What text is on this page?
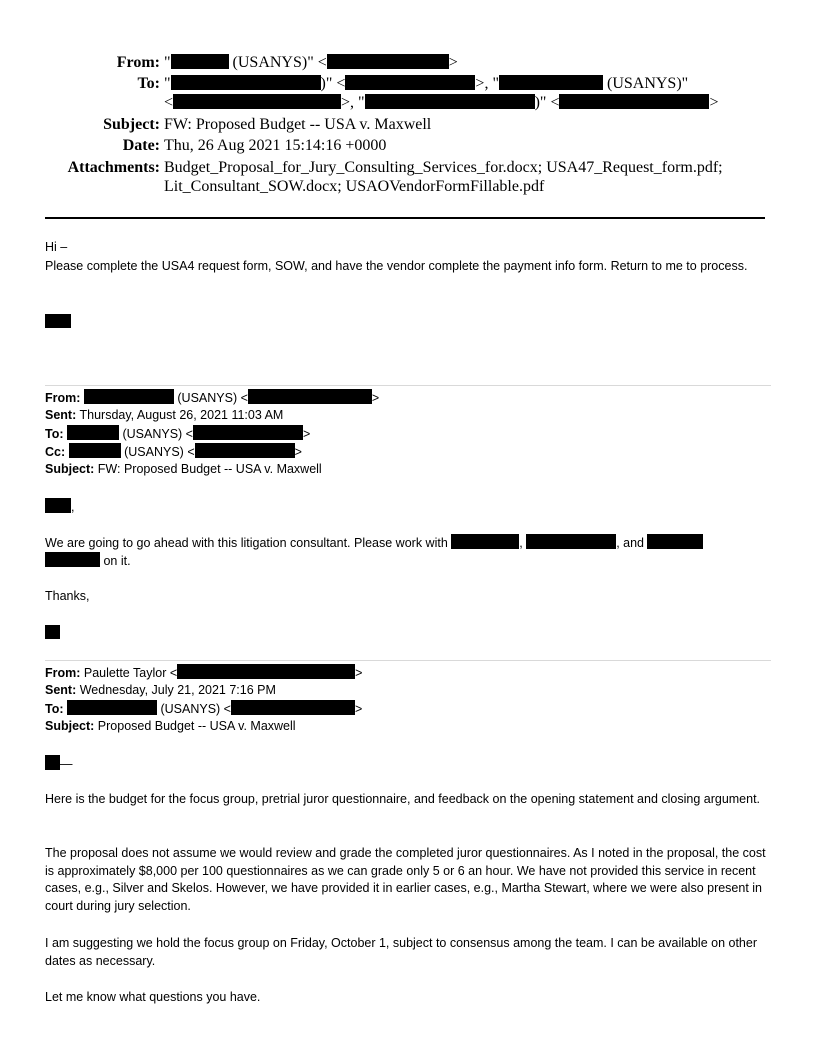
From: "	(USANYS)" <	>
To: "	)" <	>, "	(USANYS)"
<	>, "	)" <	>
Subject: FW: Proposed Budget -- USA v. Maxwell
Date: Thu, 26 Aug 2021 15:14:16 +0000
Attachments: Budget_Proposal_for_Jury_Consulting_Services_for.docx; USA47_Request_form.pdf;
Lit_Consultant_SOW.docx; USAOVendorFormFillable.pdf
Hi –
Please complete the USA4 request form, SOW, and have the vendor complete the payment info form. Return to me to process.
From:	(USANYS) <	>
Sent: Thursday, August 26, 2021 11:03 AM
To:	(USANYS) <	>
Cc:	(USANYS) <	>
Subject: FW: Proposed Budget -- USA v. Maxwell
,
We are going to go ahead with this litigation consultant. Please work with	,	, and
on it.
Thanks,
From: Paulette Taylor <	>
Sent: Wednesday, July 21, 2021 7:16 PM
To:	(USANYS) <	>
Subject: Proposed Budget -- USA v. Maxwell
—
Here is the budget for the focus group, pretrial juror questionnaire, and feedback on the opening statement and closing argument.
The proposal does not assume we would review and grade the completed juror questionnaires. As I noted in the proposal, the cost is approximately $8,000 per 100 questionnaires as we can grade only 5 or 6 an hour. We have not provided this service in recent cases, e.g., Silver and Skelos. However, we have provided it in earlier cases, e.g., Martha Stewart, where we were also present in court during jury selection.
I am suggesting we hold the focus group on Friday, October 1, subject to consensus among the team. I can be available on other dates as necessary.
Let me know what questions you have.
